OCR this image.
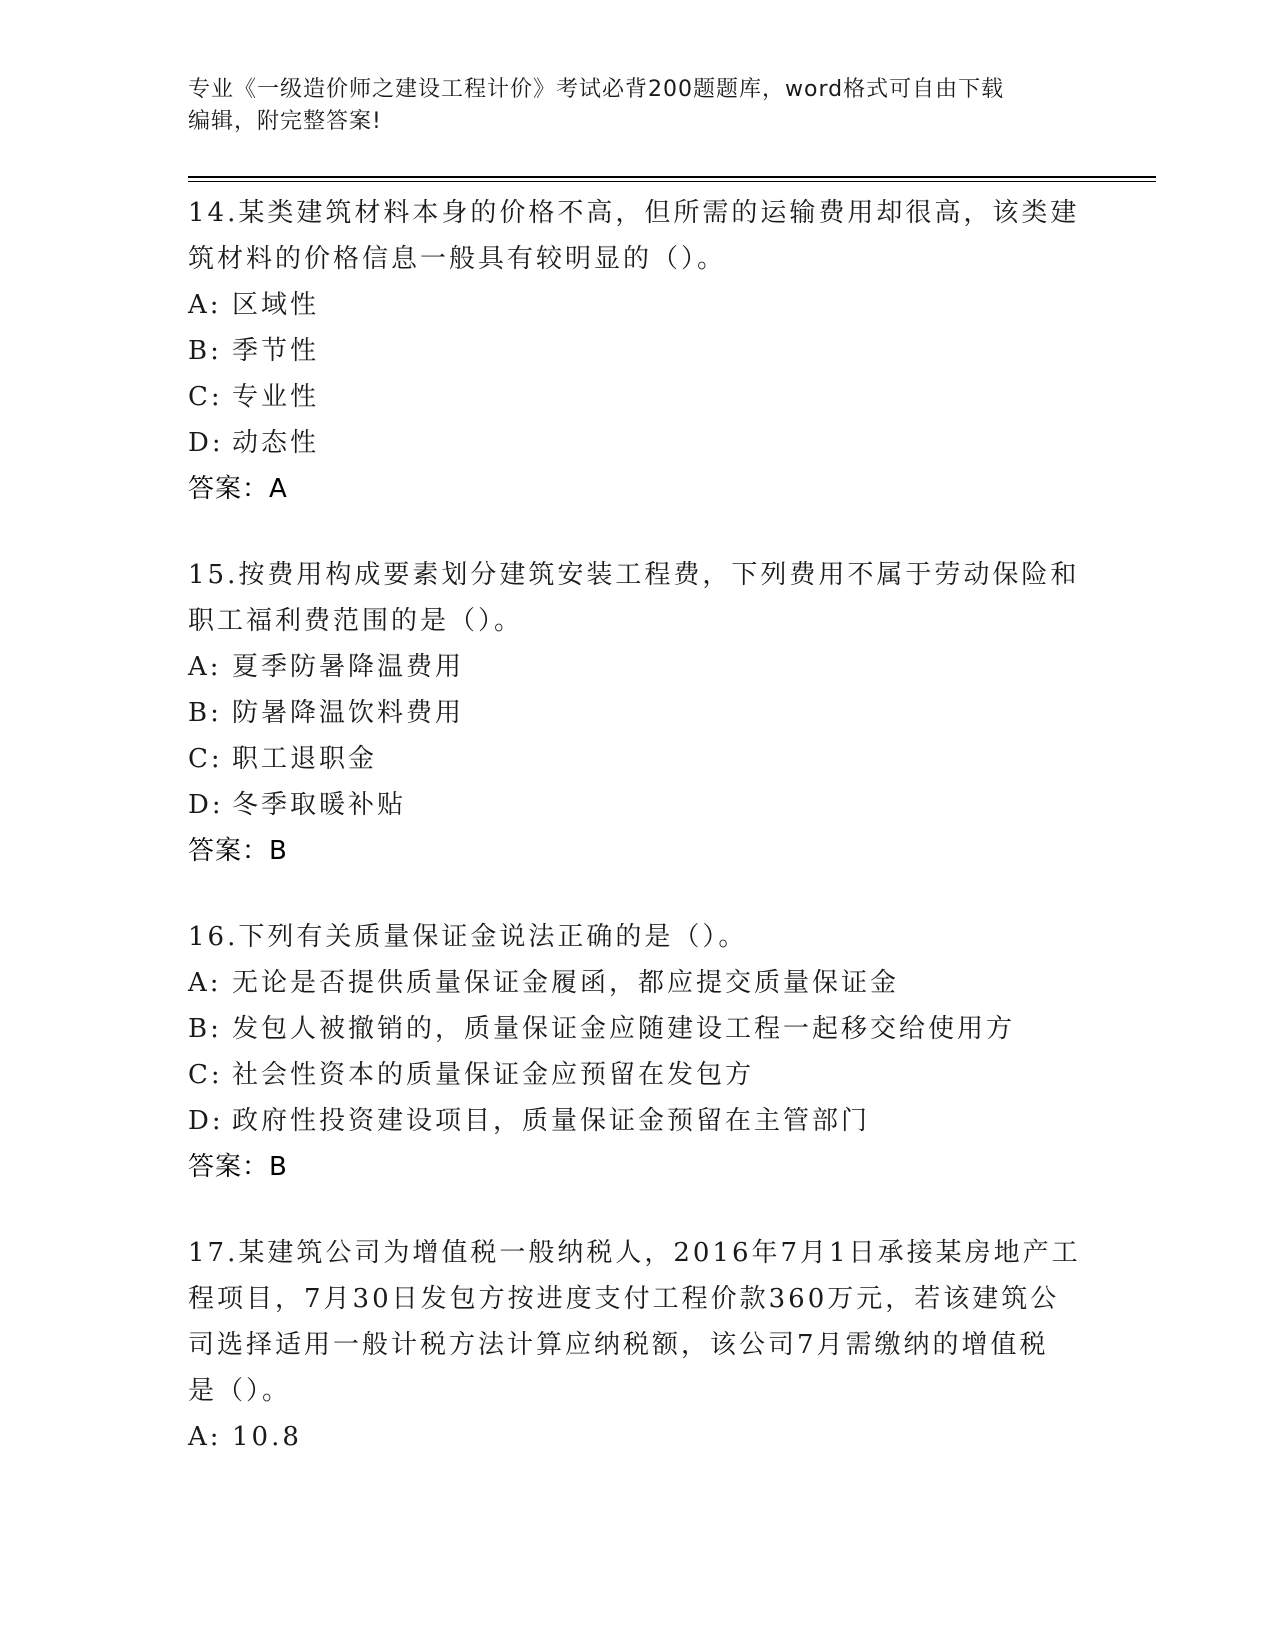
专业《一级造价师之建设工程计价》考试必背200题题库，word格式可自由下载
编辑，附完整答案!
14.某类建筑材料本身的价格不高，但所需的运输费用却很高，该类建
筑材料的价格信息一般具有较明显的（）。
A: 区域性
B: 季节性
C: 专业性
D: 动态性
答案：A
15.按费用构成要素划分建筑安装工程费，下列费用不属于劳动保险和
职工福利费范围的是（）。
A: 夏季防暑降温费用
B: 防暑降温饮料费用
C: 职工退职金
D: 冬季取暖补贴
答案：B
16.下列有关质量保证金说法正确的是（）。
A: 无论是否提供质量保证金履函，都应提交质量保证金
B: 发包人被撤销的，质量保证金应随建设工程一起移交给使用方
C: 社会性资本的质量保证金应预留在发包方
D: 政府性投资建设项目，质量保证金预留在主管部门
答案：B
17.某建筑公司为增值税一般纳税人，2016年7月1日承接某房地产工
程项目，7月30日发包方按进度支付工程价款360万元，若该建筑公
司选择适用一般计税方法计算应纳税额，该公司7月需缴纳的增值税
是（）。
A: 10.8
